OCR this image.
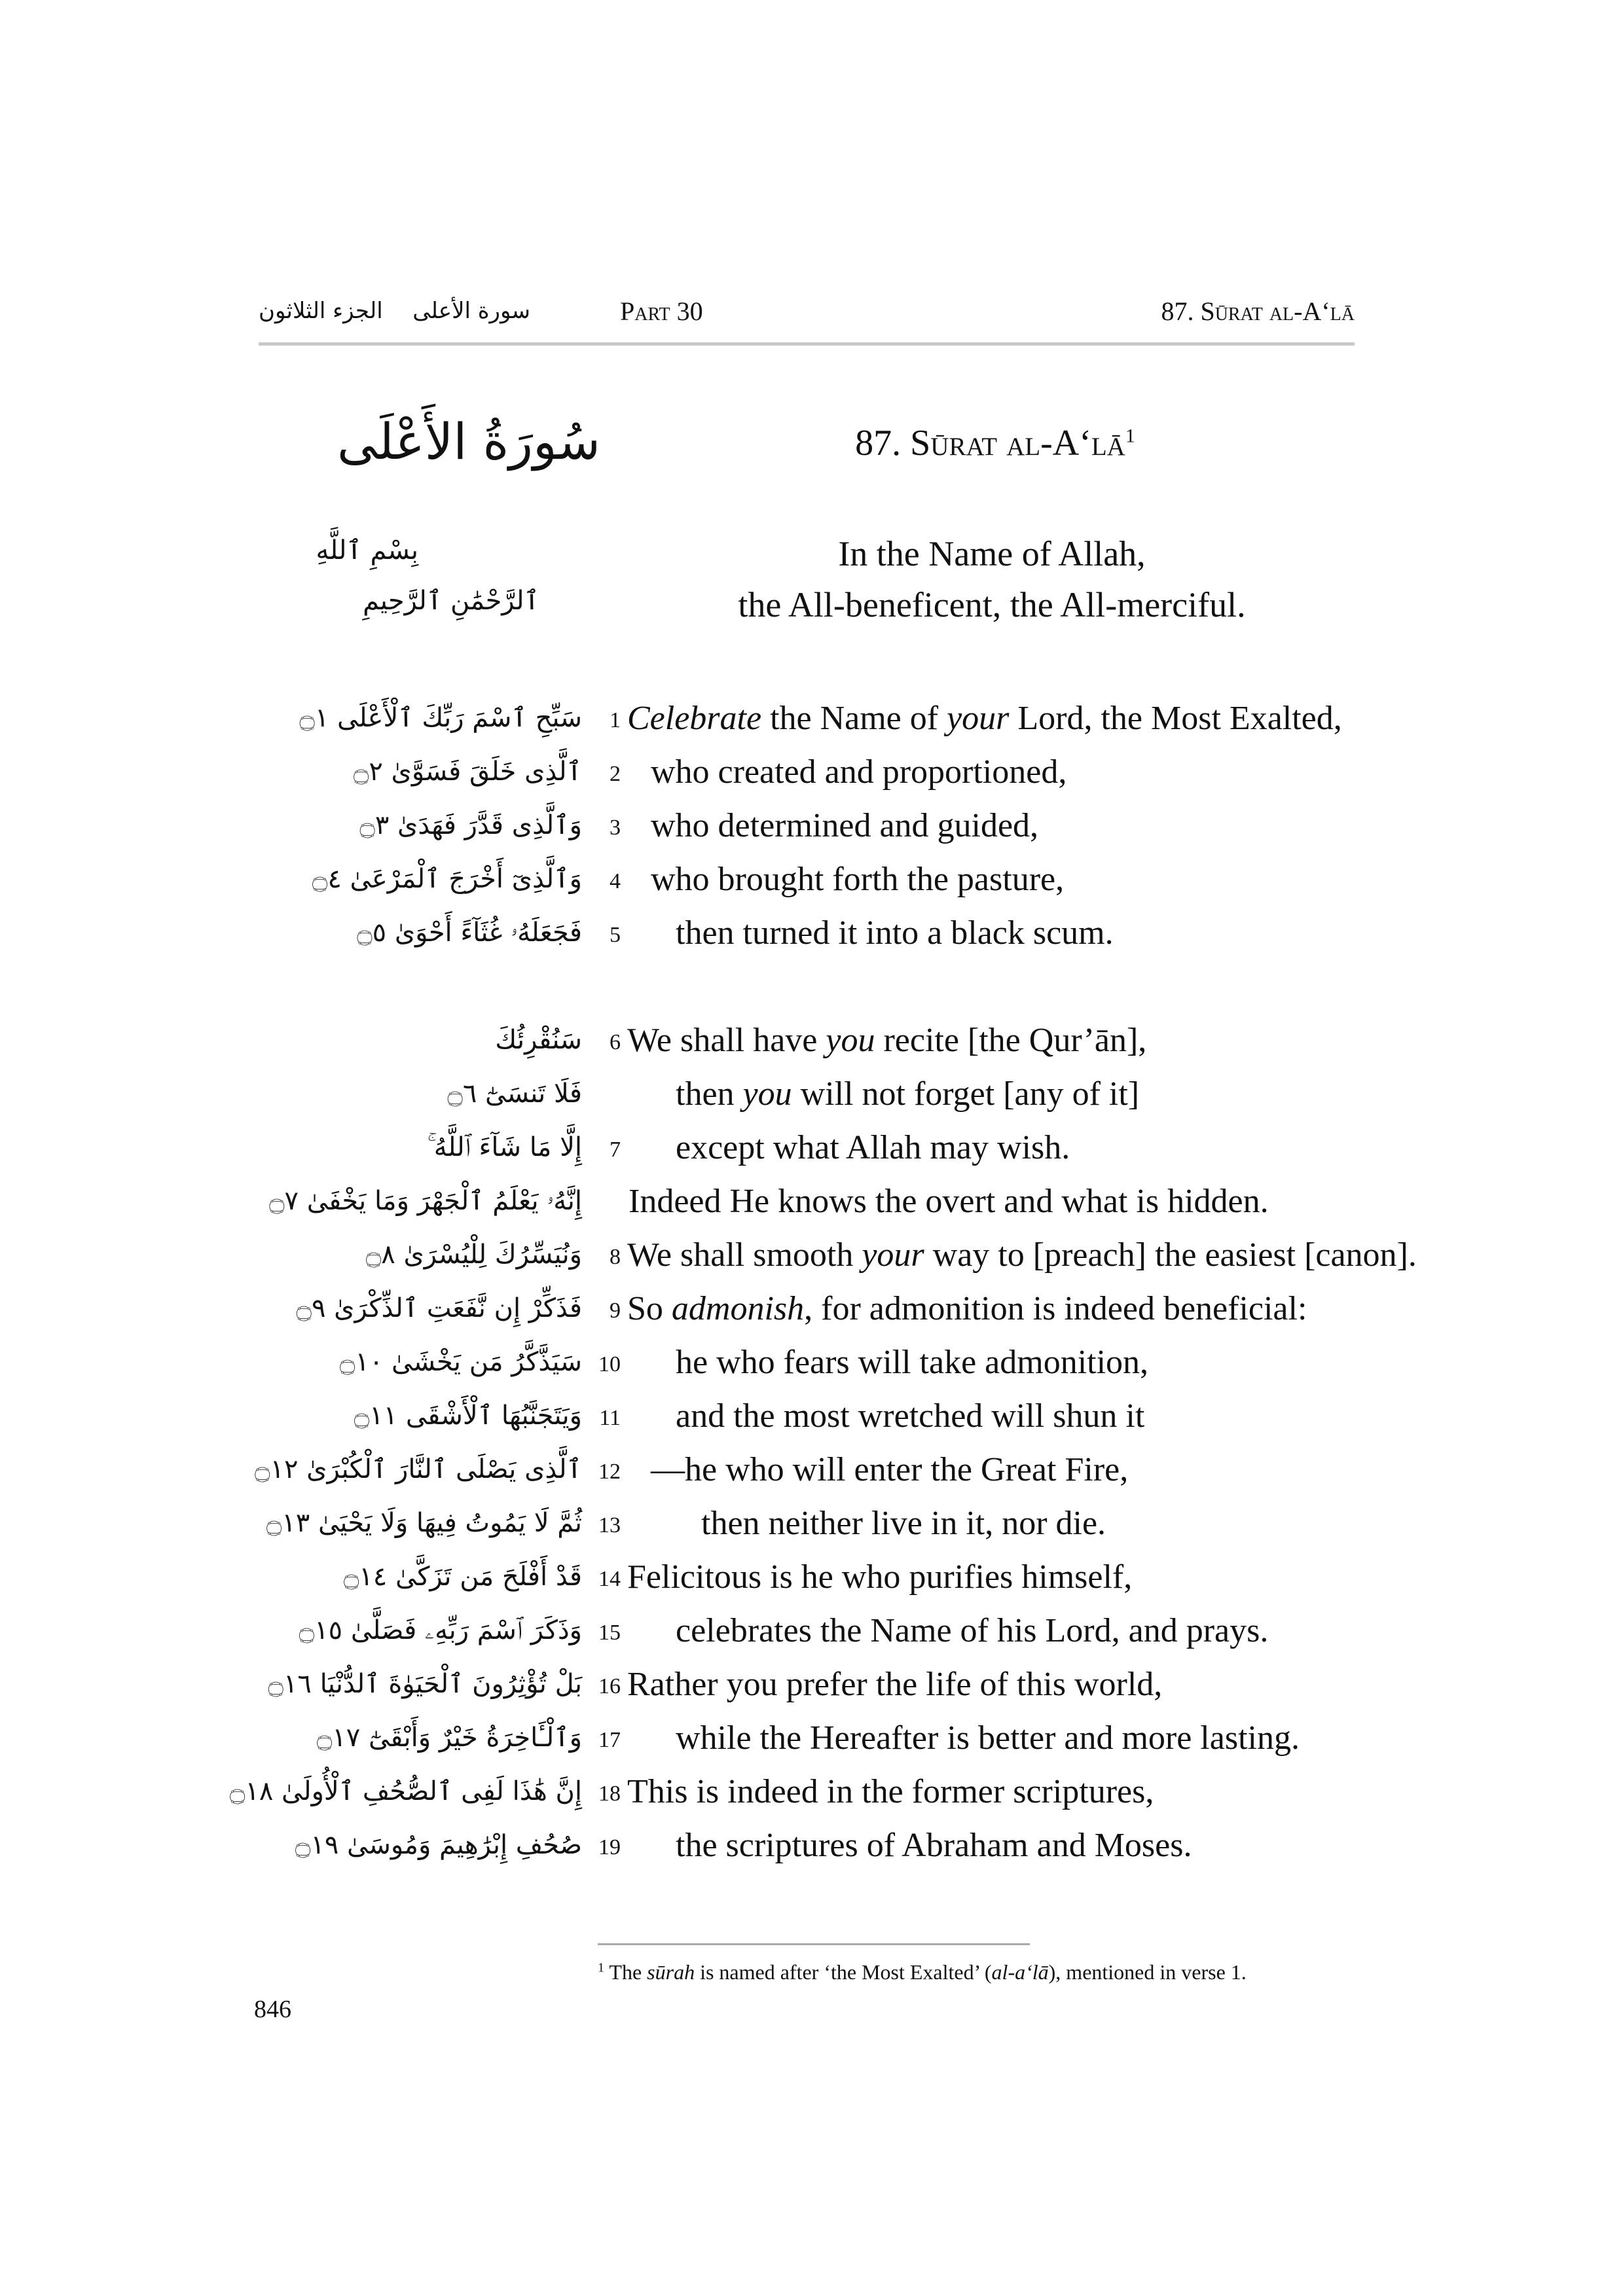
الجزء الثلاثون سورة الأعلى	Part 30	87. Sūrat al-A‘lā
سُورَةُ الأَعْلَى	87. Sūrat $al-A‘lā^1$
بِسْمِ ٱللَّهِ
ٱلرَّحْمَٰنِ ٱلرَّحِيمِ
In the Name of Allah,
the All-beneficent, the All-merciful.
سَبِّحِ ٱسْمَ رَبِّكَ ٱلْأَعْلَى ۝١	1 Celebrate the Name of your Lord, the Most Exalted,
ٱلَّذِى خَلَقَ فَسَوَّىٰ ۝٢	2 who created and proportioned,
وَٱلَّذِى قَدَّرَ فَهَدَىٰ ۝٣	3 who determined and guided,
وَٱلَّذِىٓ أَخْرَجَ ٱلْمَرْعَىٰ ۝٤	4 who brought forth the pasture,
فَجَعَلَهُۥ غُثَآءً أَحْوَىٰ ۝٥	5 then turned it into a black scum.
سَنُقْرِئُكَ	6 We shall have you recite [the Qur’ān],
فَلَا تَنسَىٰٓ ۝٦	then you will not forget [any of it]
إِلَّا مَا شَآءَ ٱللَّهُ ۚ	7 except what Allah may wish.
إِنَّهُۥ يَعْلَمُ ٱلْجَهْرَ وَمَا يَخْفَىٰ ۝٧ Indeed He knows the overt and what is hidden.
وَنُيَسِّرُكَ لِلْيُسْرَىٰ ۝٨	8 We shall smooth your way to [preach] the easiest [canon].
فَذَكِّرْ إِن نَّفَعَتِ ٱلذِّكْرَىٰ ۝٩	9 So admonish, for admonition is indeed beneficial:
سَيَذَّكَّرُ مَن يَخْشَىٰ ۝١٠ 10 he who fears will take admonition,
وَيَتَجَنَّبُهَا ٱلْأَشْقَى ۝١١ 11 and the most wretched will shun it
ٱلَّذِى يَصْلَى ٱلنَّارَ ٱلْكُبْرَىٰ ۝١٢ 12 —he who will enter the Great Fire,
ثُمَّ لَا يَمُوتُ فِيهَا وَلَا يَحْيَىٰ ۝١٣ 13 then neither live in it, nor die.
قَدْ أَفْلَحَ مَن تَزَكَّىٰ ۝١٤ 14 Felicitous is he who purifies himself,
وَذَكَرَ ٱسْمَ رَبِّهِۦ فَصَلَّىٰ ۝١٥ 15 celebrates the Name of his Lord, and prays.
بَلْ تُؤْثِرُونَ ٱلْحَيَوٰةَ ٱلدُّنْيَا ۝١٦ 16 Rather you prefer the life of this world,
وَٱلْـَٔاخِرَةُ خَيْرٌ وَأَبْقَىٰٓ ۝١٧ 17 while the Hereafter is better and more lasting.
إِنَّ هَٰذَا لَفِى ٱلصُّحُفِ ٱلْأُولَىٰ ۝١٨ 18 This is indeed in the former scriptures,
صُحُفِ إِبْرَٰهِيمَ وَمُوسَىٰ ۝١٩ 19 the scriptures of Abraham and Moses.
$^1$ The sūrah is named after ‘the Most Exalted’ (al-a‘lā), mentioned in verse 1.
846
